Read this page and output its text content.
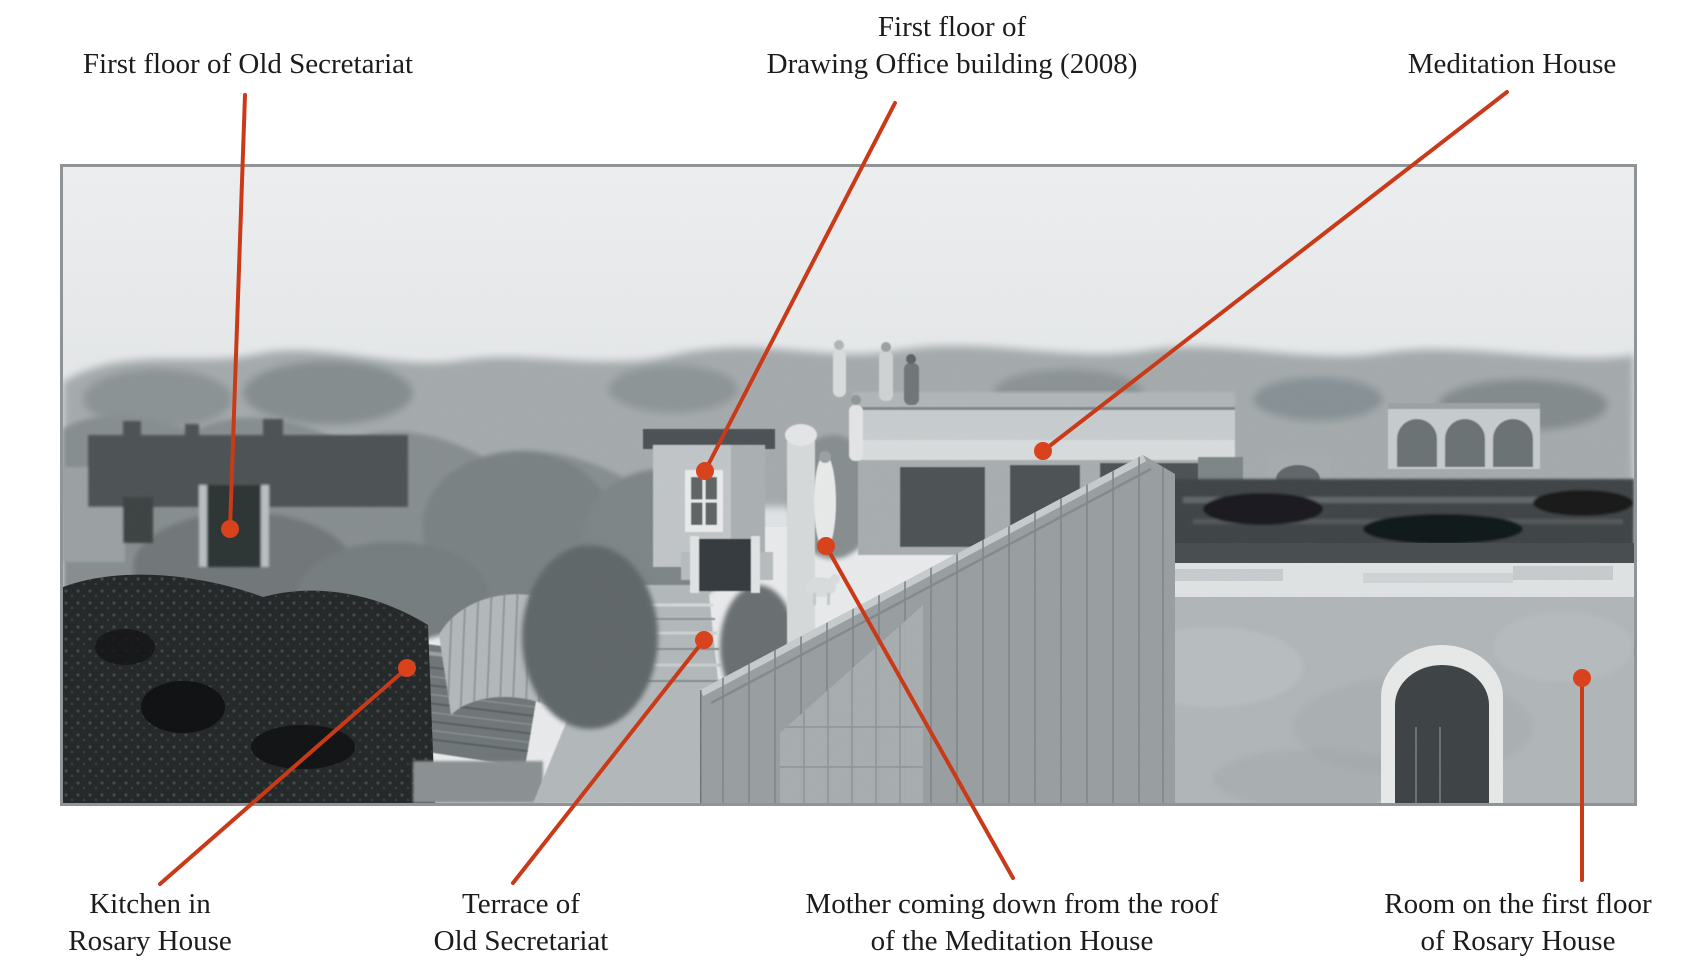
First floor of Old Secretariat
First floor of
Drawing Office building (2008)	Meditation House
Kitchen in
Rosary House
Terrace of
Old Secretariat
Mother coming down from the roof
of the Meditation House
Room on the first floor
of Rosary House
